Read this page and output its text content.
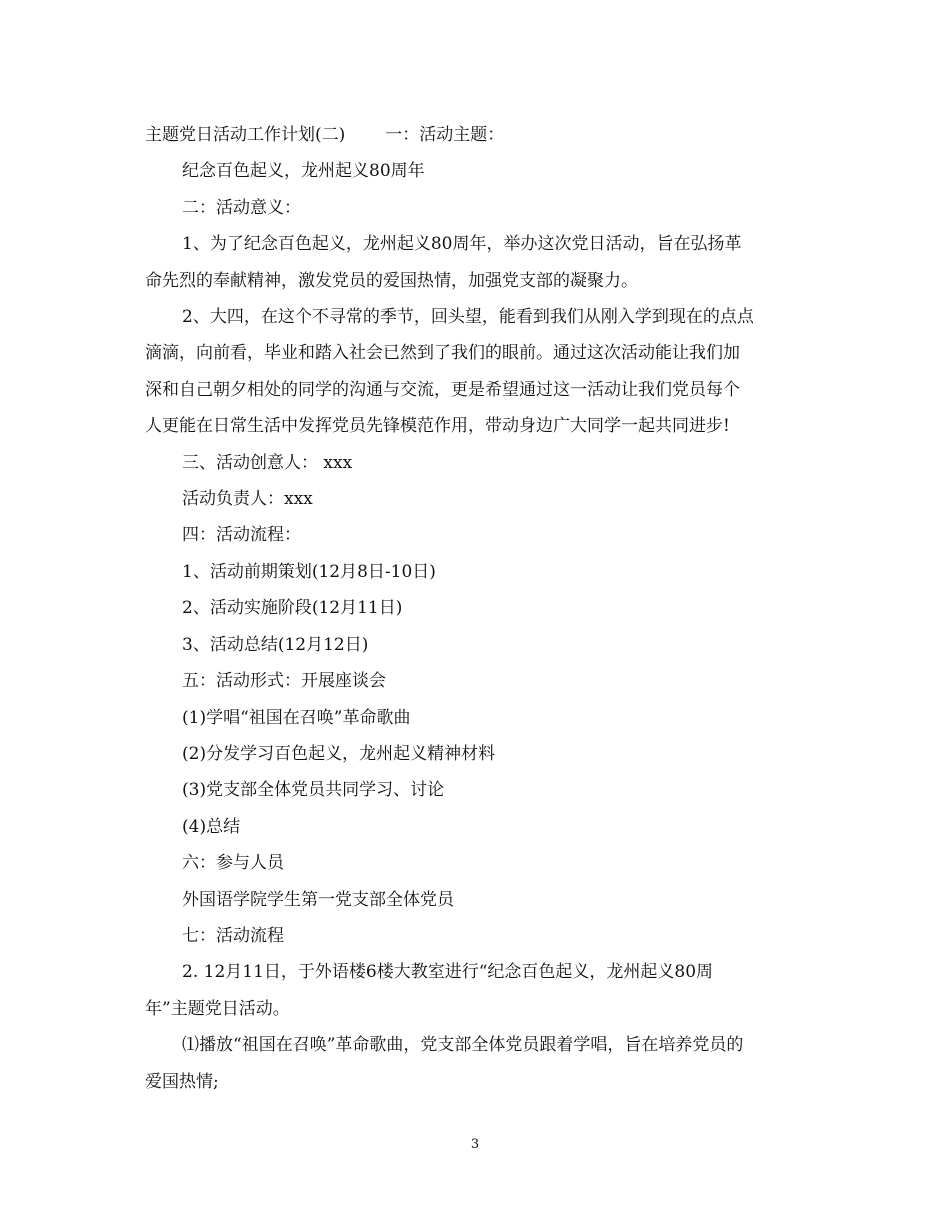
主题党日活动工作计划(二) 一：活动主题：

纪念百色起义，龙州起义80周年

二：活动意义：

1、为了纪念百色起义，龙州起义80周年，举办这次党日活动，旨在弘扬革

命先烈的奉献精神，激发党员的爱国热情，加强党支部的凝聚力。

2、大四，在这个不寻常的季节，回头望，能看到我们从刚入学到现在的点点

滴滴，向前看，毕业和踏入社会已然到了我们的眼前。通过这次活动能让我们加

深和自己朝夕相处的同学的沟通与交流，更是希望通过这一活动让我们党员每个

人更能在日常生活中发挥党员先锋模范作用，带动身边广大同学一起共同进步!

三、活动创意人： xxx

活动负责人：xxx

四：活动流程：

1、活动前期策划(12月8日-10日)

2、活动实施阶段(12月11日)

3、活动总结(12月12日)

五：活动形式：开展座谈会

(1)学唱“祖国在召唤”革命歌曲

(2)分发学习百色起义，龙州起义精神材料

(3)党支部全体党员共同学习、讨论

(4)总结

六：参与人员

外国语学院学生第一党支部全体党员

七：活动流程

2. 12月11日，于外语楼6楼大教室进行“纪念百色起义，龙州起义80周

年”主题党日活动。

⑴播放“祖国在召唤”革命歌曲，党支部全体党员跟着学唱，旨在培养党员的

爱国热情;

3
